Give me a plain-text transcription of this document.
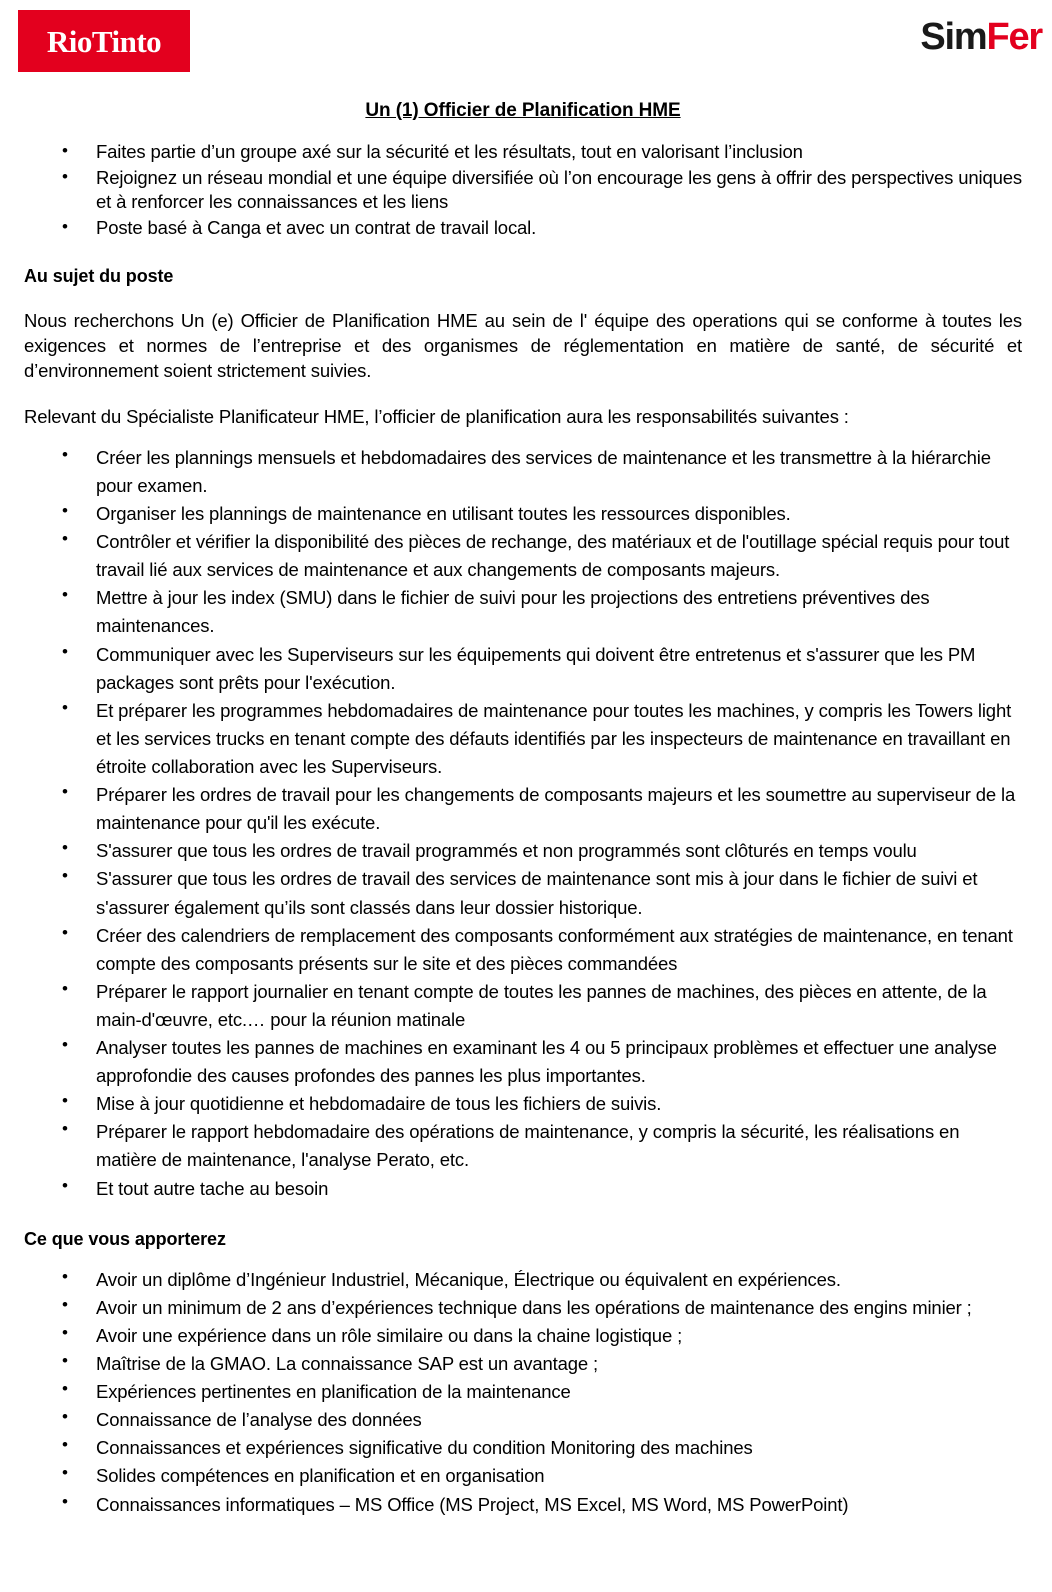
RioTinto	SimFer
Un (1) Officier de Planification HME
• Faites partie d’un groupe axé sur la sécurité et les résultats, tout en valorisant l’inclusion
• Rejoignez un réseau mondial et une équipe diversifiée où l’on encourage les gens à offrir des perspectives uniques et à renforcer les connaissances et les liens
• Poste basé à Canga et avec un contrat de travail local.
Au sujet du poste

Nous recherchons Un (e) Officier de Planification HME au sein de l' équipe des operations qui se conforme à toutes les exigences et normes de l’entreprise et des organismes de réglementation en matière de santé, de sécurité et d’environnement soient strictement suivies.

Relevant du Spécialiste Planificateur HME, l’officier de planification aura les responsabilités suivantes :

• Créer les plannings mensuels et hebdomadaires des services de maintenance et les transmettre à la hiérarchie pour examen.
• Organiser les plannings de maintenance en utilisant toutes les ressources disponibles.
• Contrôler et vérifier la disponibilité des pièces de rechange, des matériaux et de l'outillage spécial requis pour tout travail lié aux services de maintenance et aux changements de composants majeurs.
• Mettre à jour les index (SMU) dans le fichier de suivi pour les projections des entretiens préventives des maintenances.
• Communiquer avec les Superviseurs sur les équipements qui doivent être entretenus et s'assurer que les PM packages sont prêts pour l'exécution.
• Et préparer les programmes hebdomadaires de maintenance pour toutes les machines, y compris les Towers light et les services trucks en tenant compte des défauts identifiés par les inspecteurs de maintenance en travaillant en étroite collaboration avec les Superviseurs.
• Préparer les ordres de travail pour les changements de composants majeurs et les soumettre au superviseur de la maintenance pour qu'il les exécute.
• S'assurer que tous les ordres de travail programmés et non programmés sont clôturés en temps voulu
• S'assurer que tous les ordres de travail des services de maintenance sont mis à jour dans le fichier de suivi et s'assurer également qu’ils sont classés dans leur dossier historique.
• Créer des calendriers de remplacement des composants conformément aux stratégies de maintenance, en tenant compte des composants présents sur le site et des pièces commandées
• Préparer le rapport journalier en tenant compte de toutes les pannes de machines, des pièces en attente, de la main-d'œuvre, etc.… pour la réunion matinale
• Analyser toutes les pannes de machines en examinant les 4 ou 5 principaux problèmes et effectuer une analyse approfondie des causes profondes des pannes les plus importantes.
• Mise à jour quotidienne et hebdomadaire de tous les fichiers de suivis.
• Préparer le rapport hebdomadaire des opérations de maintenance, y compris la sécurité, les réalisations en matière de maintenance, l'analyse Perato, etc.
• Et tout autre tache au besoin
Ce que vous apporterez
• Avoir un diplôme d’Ingénieur Industriel, Mécanique, Électrique ou équivalent en expériences.
• Avoir un minimum de 2 ans d’expériences technique dans les opérations de maintenance des engins minier ;
• Avoir une expérience dans un rôle similaire ou dans la chaine logistique ;
• Maîtrise de la GMAO. La connaissance SAP est un avantage ;
• Expériences pertinentes en planification de la maintenance
• Connaissance de l’analyse des données
• Connaissances et expériences significative du condition Monitoring des machines
• Solides compétences en planification et en organisation
• Connaissances informatiques – MS Office (MS Project, MS Excel, MS Word, MS PowerPoint)
